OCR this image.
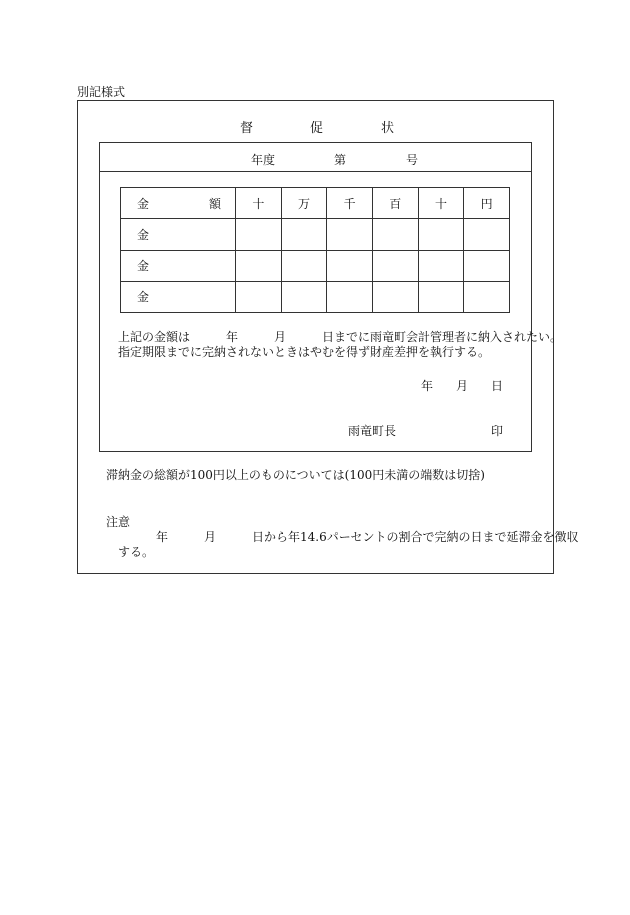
別記様式
督	促	状
年度	第	号
金 額	十	万	千	百	十	円
金						
金						
金						
上記の金額は　　　年　　　月　　　日までに雨竜町会計管理者に納入されたい。
指定期限までに完納されないときはやむを得ず財産差押を執行する。
年 月 日
雨竜町長	印
滞納金の総額が100円以上のものについては(100円未満の端数は切捨)
注意
年　　　月　　　日から年14.6パーセントの割合で完納の日まで延滞金を徴収
する。
